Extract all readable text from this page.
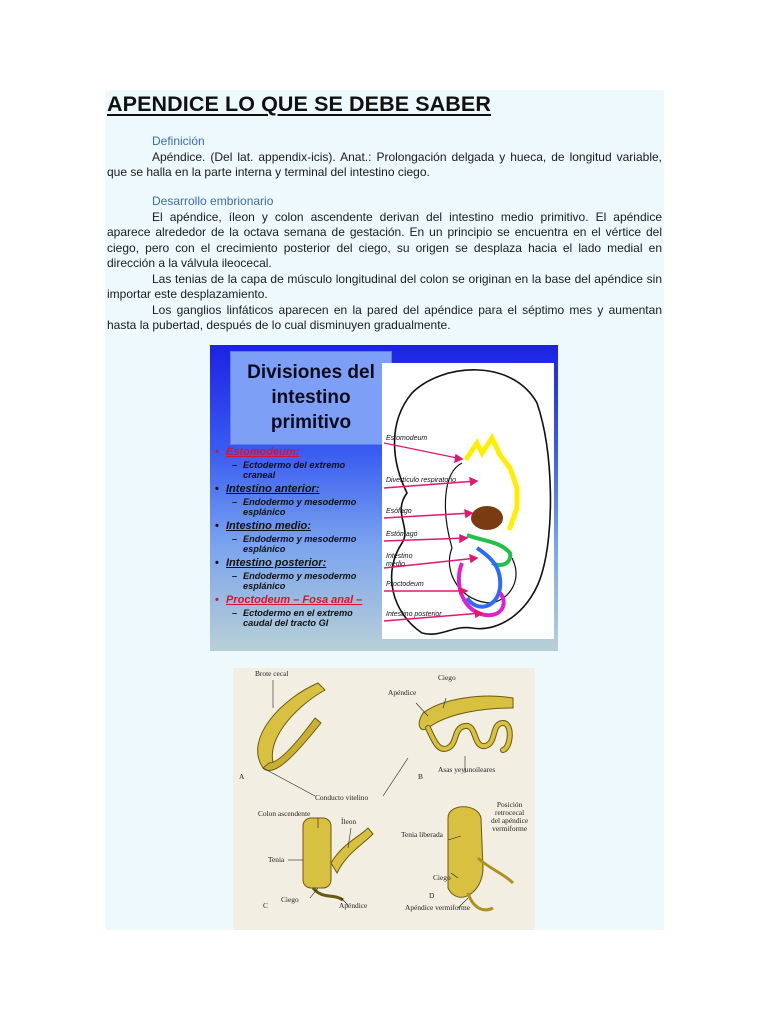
APENDICE LO QUE SE DEBE SABER
Definición
Apéndice. (Del lat. appendix-icis). Anat.: Prolongación delgada y hueca, de longitud variable, que se halla en la parte interna y terminal del intestino ciego.
Desarrollo embrionario
El apéndice, íleon y colon ascendente derivan del intestino medio primitivo. El apéndice aparece alrededor de la octava semana de gestación. En un principio se encuentra en el vértice del ciego, pero con el crecimiento posterior del ciego, su origen se desplaza hacia el lado medial en dirección a la válvula ileocecal.
Las tenias de la capa de músculo longitudinal del colon se originan en la base del apéndice sin importar este desplazamiento.
Los ganglios linfáticos aparecen en la pared del apéndice para el séptimo mes y aumentan hasta la pubertad, después de lo cual disminuyen gradualmente.
Divisiones del
intestino
primitivo
• Estomodeum:
– Ectodermo del extremo
craneal
• Intestino anterior:
– Endodermo y mesodermo
esplánico
• Intestino medio:
– Endodermo y mesodermo
esplánico
• Intestino posterior:
– Endodermo y mesodermo
esplánico
• Proctodeum – Fosa anal –
– Ectodermo en el extremo
caudal del tracto GI
Estomodeum
Divertículo respiratorio
Esófago
Estómago
Intestino
medio
Proctodeum
Intestino posterior
Brote cecal
A
Conducto vitelino
Ciego
Apéndice
B
Asas yeyunoileares
Colon ascendente
Íleon
Tenia
Ciego
C	Apéndice
Posición
retrocecal
del apéndice
vermiforme
Tenia liberada
Ciego
D
Apéndice vermiforme
